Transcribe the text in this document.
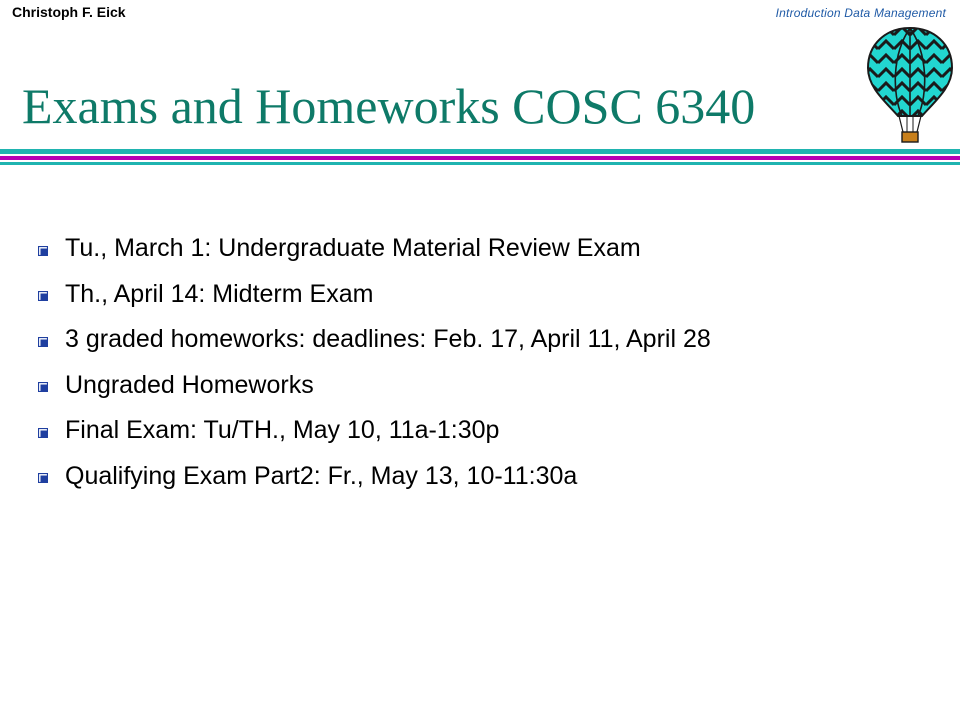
Christoph F. Eick	Introduction Data Management
Exams and Homeworks COSC 6340
Tu., March 1: Undergraduate Material Review Exam
Th., April 14: Midterm Exam
3 graded homeworks: deadlines: Feb. 17, April 11, April 28
Ungraded Homeworks
Final Exam: Tu/TH., May 10, 11a-1:30p
Qualifying Exam Part2: Fr., May 13, 10-11:30a
